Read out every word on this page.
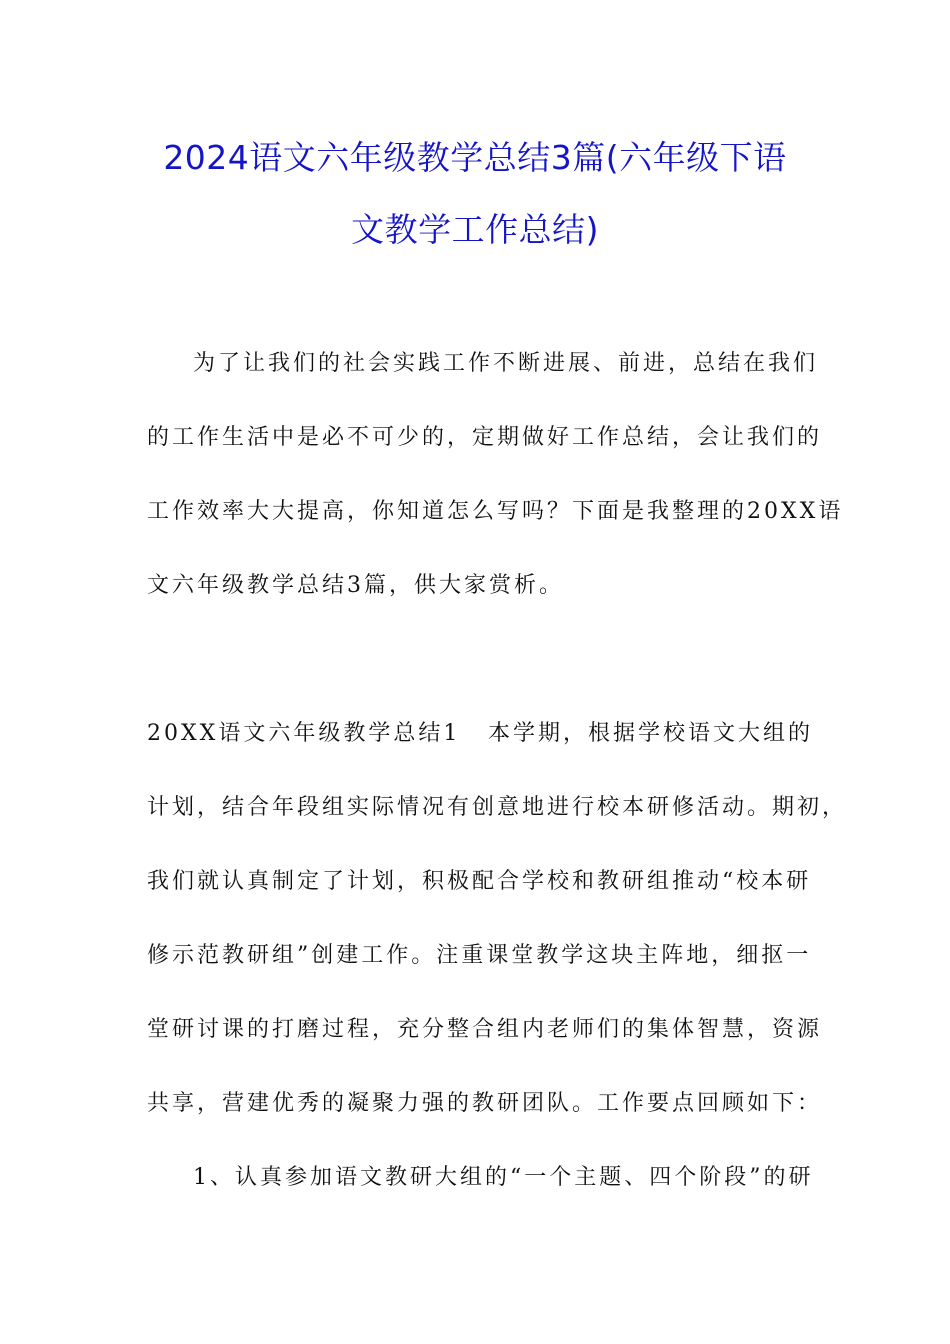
2024语文六年级教学总结3篇(六年级下语
文教学工作总结)

为了让我们的社会实践工作不断进展、前进，总结在我们

的工作生活中是必不可少的，定期做好工作总结，会让我们的

工作效率大大提高，你知道怎么写吗？下面是我整理的20XX语

文六年级教学总结3篇，供大家赏析。

20XX语文六年级教学总结1 本学期，根据学校语文大组的

计划，结合年段组实际情况有创意地进行校本研修活动。期初，

我们就认真制定了计划，积极配合学校和教研组推动“校本研

修示范教研组”创建工作。注重课堂教学这块主阵地，细抠一

堂研讨课的打磨过程，充分整合组内老师们的集体智慧，资源

共享，营建优秀的凝聚力强的教研团队。工作要点回顾如下：

1、认真参加语文教研大组的“一个主题、四个阶段”的研
